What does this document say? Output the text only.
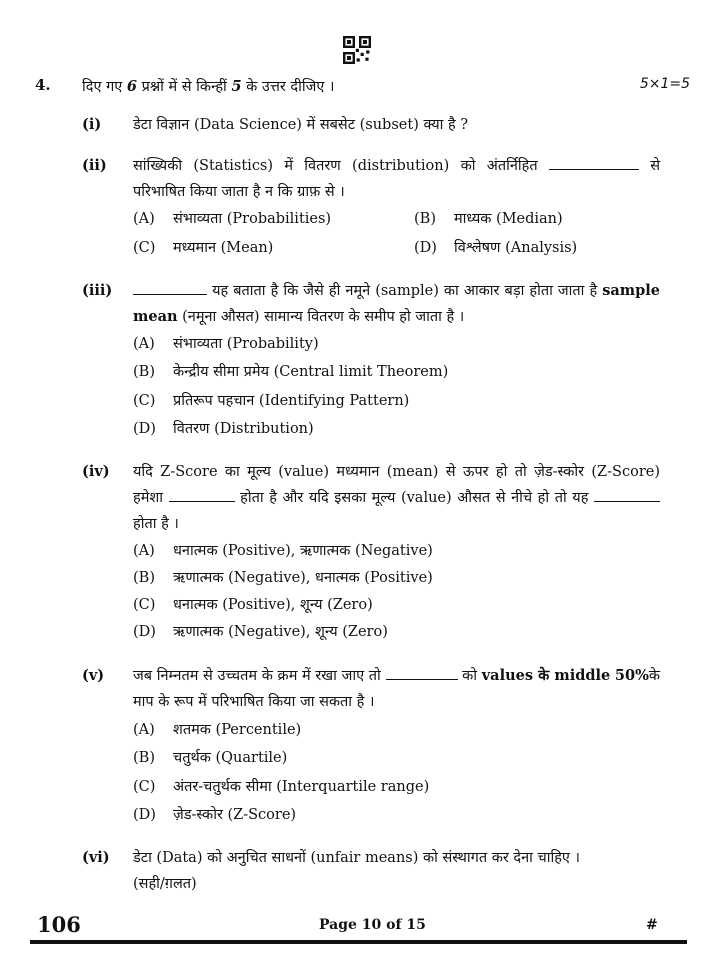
4. दिए गए 6 प्रश्नों में से किन्हीं 5 के उत्तर दीजिए ।	5×1=5
(i) डेटा विज्ञान (Data Science) में सबसेट (subset) क्या है ?
(ii) सांख्यिकी (Statistics) में वितरण (distribution) को अंतर्निहित	से परिभाषित किया जाता है न कि ग्राफ़ से ।
(A) संभाव्यता (Probabilities)	(B) माध्यक (Median)
(C) मध्यमान (Mean)	(D) विश्लेषण (Analysis)
(iii)	यह बताता है कि जैसे ही नमूने (sample) का आकार बड़ा होता जाता है sample mean (नमूना औसत) सामान्य वितरण के समीप हो जाता है ।
(A) संभाव्यता (Probability)
(B) केन्द्रीय सीमा प्रमेय (Central limit Theorem)
(C) प्रतिरूप पहचान (Identifying Pattern)
(D) वितरण (Distribution)
(iv) यदि Z-Score का मूल्य (value) मध्यमान (mean) से ऊपर हो तो ज़ेड-स्कोर (Z-Score) हमेशा	होता है और यदि इसका मूल्य (value) औसत से नीचे हो तो यह  होता है ।
(A) धनात्मक (Positive), ऋणात्मक (Negative)
(B) ऋणात्मक (Negative), धनात्मक (Positive)
(C) धनात्मक (Positive), शून्य (Zero)
(D) ऋणात्मक (Negative), शून्य (Zero)
(v) जब निम्नतम से उच्चतम के क्रम में रखा जाए तो	को values के middle 50%के माप के रूप में परिभाषित किया जा सकता है ।
(A) शतमक (Percentile)
(B) चतुर्थक (Quartile)
(C) अंतर-चतुर्थक सीमा (Interquartile range)
(D) ज़ेड-स्कोर (Z-Score)
(vi) डेटा (Data) को अनुचित साधनों (unfair means) को संस्थागत कर देना चाहिए ।
(सही/ग़लत)
106	Page 10 of 15	#
